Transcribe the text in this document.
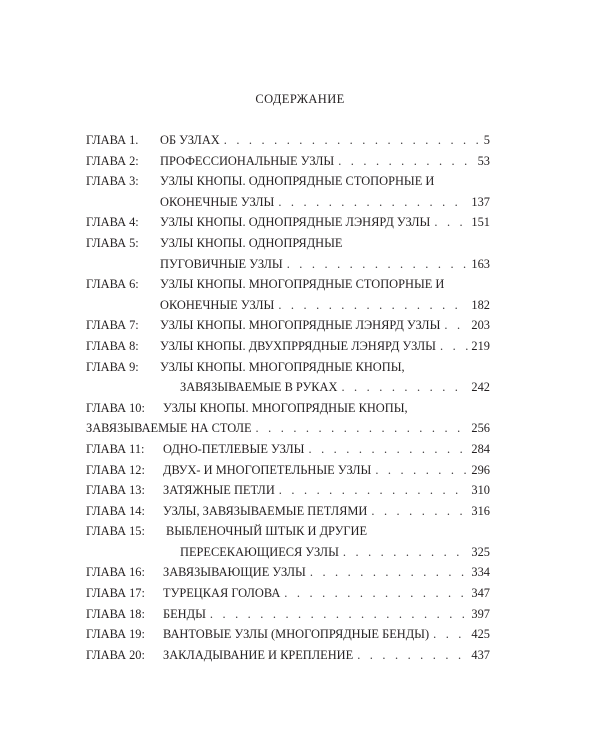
СОДЕРЖАНИЕ
ГЛАВА 1.	ОБ УЗЛАХ . . .	5
ГЛАВА 2:	ПРОФЕССИОНАЛЬНЫЕ УЗЛЫ . . .	53
ГЛАВА 3:	УЗЛЫ КНОПЫ. ОДНОПРЯДНЫЕ СТОПОРНЫЕ И
ОКОНЕЧНЫЕ УЗЛЫ . . .	137
ГЛАВА 4:	УЗЛЫ КНОПЫ. ОДНОПРЯДНЫЕ ЛЭНЯРД УЗЛЫ . . .	151
ГЛАВА 5:	УЗЛЫ КНОПЫ. ОДНОПРЯДНЫЕ
ПУГОВИЧНЫЕ УЗЛЫ . . .	163
ГЛАВА 6:	УЗЛЫ КНОПЫ. МНОГОПРЯДНЫЕ СТОПОРНЫЕ И
ОКОНЕЧНЫЕ УЗЛЫ . . .	182
ГЛАВА 7:	УЗЛЫ КНОПЫ. МНОГОПРЯДНЫЕ ЛЭНЯРД УЗЛЫ . . .	203
ГЛАВА 8:	УЗЛЫ КНОПЫ. ДВУХПРРЯДНЫЕ ЛЭНЯРД УЗЛЫ . . .	219
ГЛАВА 9:	УЗЛЫ КНОПЫ. МНОГОПРЯДНЫЕ КНОПЫ,
ЗАВЯЗЫВАЕМЫЕ В РУКАХ . . .	242
ГЛАВА 10:	УЗЛЫ КНОПЫ. МНОГОПРЯДНЫЕ КНОПЫ,
ЗАВЯЗЫВАЕМЫЕ НА СТОЛЕ . . .	256
ГЛАВА 11:	ОДНО-ПЕТЛЕВЫЕ УЗЛЫ . . .	284
ГЛАВА 12:	ДВУХ- И МНОГОПЕТЕЛЬНЫЕ УЗЛЫ . . .	296
ГЛАВА 13:	ЗАТЯЖНЫЕ ПЕТЛИ . . .	310
ГЛАВА 14:	УЗЛЫ, ЗАВЯЗЫВАЕМЫЕ ПЕТЛЯМИ . . .	316
ГЛАВА 15:	ВЫБЛЕНОЧНЫЙ ШТЫК И ДРУГИЕ
ПЕРЕСЕКАЮЩИЕСЯ УЗЛЫ . . .	325
ГЛАВА 16:	ЗАВЯЗЫВАЮЩИЕ УЗЛЫ . . .	334
ГЛАВА 17:	ТУРЕЦКАЯ ГОЛОВА . . .	347
ГЛАВА 18:	БЕНДЫ . . .	397
ГЛАВА 19:	ВАНТОВЫЕ УЗЛЫ (МНОГОПРЯДНЫЕ БЕНДЫ) . . .	425
ГЛАВА 20:	ЗАКЛАДЫВАНИЕ И КРЕПЛЕНИЕ . . .	437
